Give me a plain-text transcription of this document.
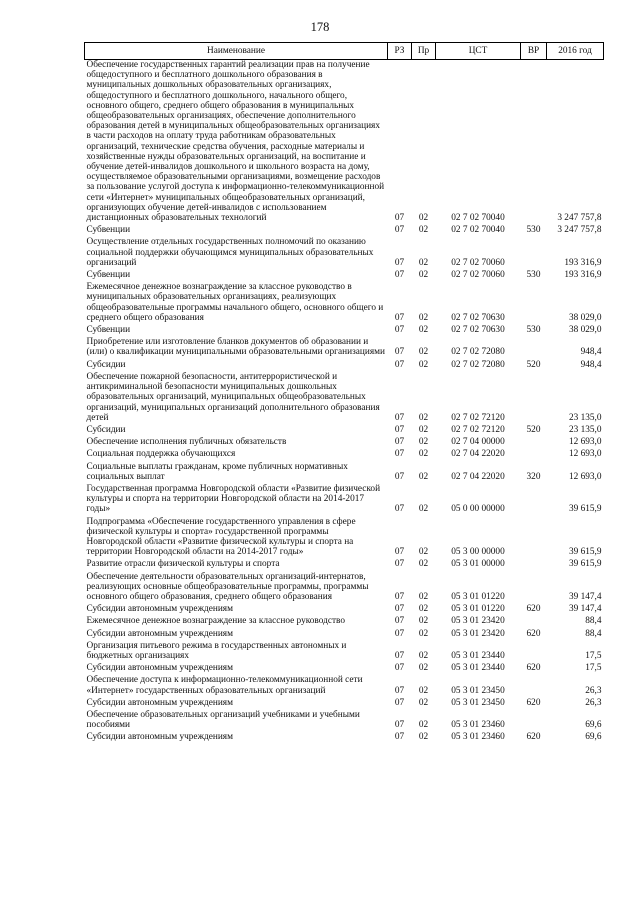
178
Наименование	РЗ	Пр	ЦСТ	ВР	2016 год
Обеспечение государственных гарантий реализации прав на получение общедоступного и бесплатного дошкольного образования в муниципальных дошкольных образовательных организациях, общедоступного и бесплатного дошкольного, начального общего, основного общего, среднего общего образования в муниципальных общеобразовательных организациях, обеспечение дополнительного образования детей в муниципальных общеобразовательных организациях в части расходов на оплату труда работникам образовательных организаций, технические средства обучения, расходные материалы и хозяйственные нужды образовательных организаций, на воспитание и обучение детей-инвалидов дошкольного и школьного возраста на дому, осуществляемое образовательными организациями, возмещение расходов за пользование услугой доступа к информационно-телекоммуникационной сети «Интернет» муниципальных общеобразовательных организаций, организующих обучение детей-инвалидов с использованием дистанционных образовательных технологий	07	02	02 7 02 70040		3 247 757,8
Субвенции	07	02	02 7 02 70040	530	3 247 757,8
Осуществление отдельных государственных полномочий по оказанию социальной поддержки обучающимся муниципальных образовательных организаций	07	02	02 7 02 70060		193 316,9
Субвенции	07	02	02 7 02 70060	530	193 316,9
Ежемесячное денежное вознаграждение за классное руководство в муниципальных образовательных организациях, реализующих общеобразовательные программы начального общего, основного общего и среднего общего образования	07	02	02 7 02 70630		38 029,0
Субвенции	07	02	02 7 02 70630	530	38 029,0
Приобретение или изготовление бланков документов об образовании и (или) о квалификации муниципальными образовательными организациями	07	02	02 7 02 72080		948,4
Субсидии	07	02	02 7 02 72080	520	948,4
Обеспечение пожарной безопасности, антитеррористической и антикриминальной безопасности муниципальных дошкольных образовательных организаций, муниципальных общеобразовательных организаций, муниципальных организаций дополнительного образования детей	07	02	02 7 02 72120		23 135,0
Субсидии	07	02	02 7 02 72120	520	23 135,0
Обеспечение исполнения публичных обязательств	07	02	02 7 04 00000		12 693,0
Социальная поддержка обучающихся	07	02	02 7 04 22020		12 693,0
Социальные выплаты гражданам, кроме публичных нормативных социальных выплат	07	02	02 7 04 22020	320	12 693,0
Государственная программа Новгородской области «Развитие физической культуры и спорта на территории Новгородской области на 2014-2017 годы»	07	02	05 0 00 00000		39 615,9
Подпрограмма «Обеспечение государственного управления в сфере физической культуры и спорта» государственной программы Новгородской области «Развитие физической культуры и спорта на территории Новгородской области на 2014-2017 годы»	07	02	05 3 00 00000		39 615,9
Развитие отрасли физической культуры и спорта	07	02	05 3 01 00000		39 615,9
Обеспечение деятельности образовательных организаций-интернатов, реализующих основные общеобразовательные программы, программы основного общего образования, среднего общего образования	07	02	05 3 01 01220		39 147,4
Субсидии автономным учреждениям	07	02	05 3 01 01220	620	39 147,4
Ежемесячное денежное вознаграждение за классное руководство	07	02	05 3 01 23420		88,4
Субсидии автономным учреждениям	07	02	05 3 01 23420	620	88,4
Организация питьевого режима в государственных автономных и бюджетных организациях	07	02	05 3 01 23440		17,5
Субсидии автономным учреждениям	07	02	05 3 01 23440	620	17,5
Обеспечение доступа к информационно-телекоммуникационной сети «Интернет» государственных образовательных организаций	07	02	05 3 01 23450		26,3
Субсидии автономным учреждениям	07	02	05 3 01 23450	620	26,3
Обеспечение образовательных организаций учебниками и учебными пособиями	07	02	05 3 01 23460		69,6
Субсидии автономным учреждениям	07	02	05 3 01 23460	620	69,6
